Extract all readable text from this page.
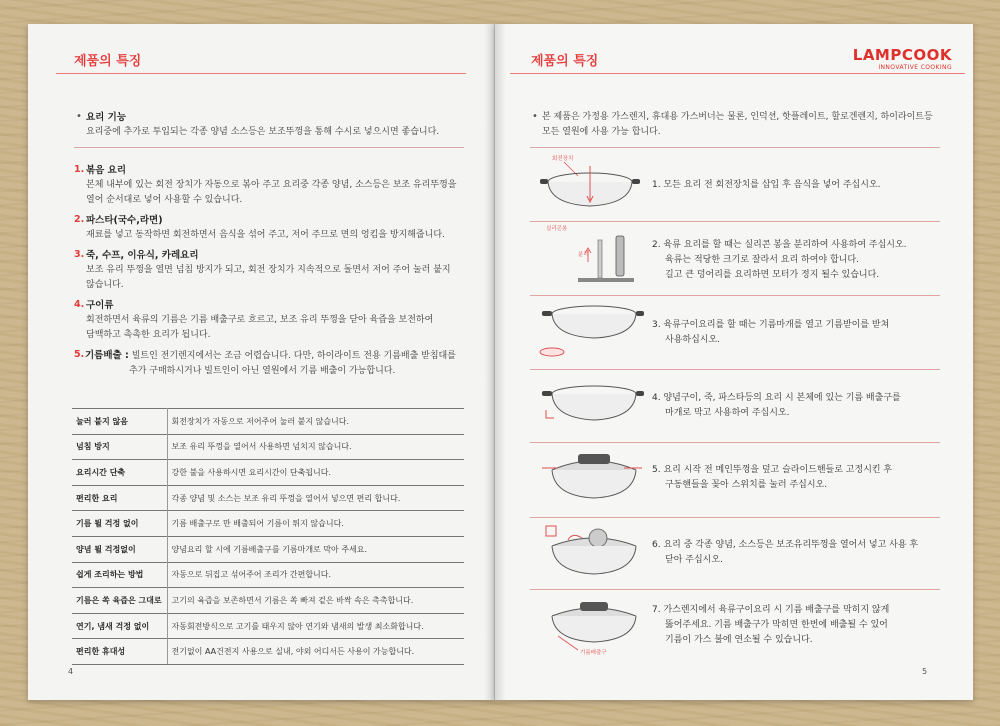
제품의 특징
• 요리 기능
요리중에 추가로 투입되는 각종 양념 소스등은 보조뚜껑을 통해 수시로 넣으시면 좋습니다.
1. 볶음 요리
본체 내부에 있는 회전 장치가 자동으로 볶아 주고 요리중 각종 양념, 소스등은 보조 유리뚜껑을
열어 순서대로 넣어 사용할 수 있습니다.
2. 파스타(국수,라면)
재료를 넣고 동작하면 회전하면서 음식을 섞어 주고, 저어 주므로 면의 엉킴을 방지해줍니다.
3. 죽, 수프, 이유식, 카레요리
보조 유리 뚜껑을 열면 넘침 방지가 되고, 회전 장치가 지속적으로 돌면서 저어 주어 눌러 붙지
않습니다.
4. 구이류
회전하면서 육류의 기름은 기름 배출구로 흐르고, 보조 유리 뚜껑을 닫아 육즙을 보전하여
담백하고 촉촉한 요리가 됩니다.
5. 기름배출 : 빌트인 전기렌지에서는 조금 어렵습니다. 다만, 하이라이트 전용 기름배출 받침대를
추가 구매하시거나 빌트인이 아닌 열원에서 기름 배출이 가능합니다.
눌러 붙지 않음	회전장치가 자동으로 저어주어 눌러 붙지 않습니다.
넘침 방지	보조 유리 뚜껑을 열어서 사용하면 넘치지 않습니다.
요리시간 단축	강한 불을 사용하시면 요리시간이 단축됩니다.
편리한 요리	각종 양념 및 소스는 보조 유리 뚜껑을 열어서 넣으면 편리 합니다.
기름 튈 걱정 없이	기름 배출구로 만 배출되어 기름이 튀지 않습니다.
양념 튈 걱정없이	양념요리 할 시에 기름배출구를 기름마개로 막아 주세요.
쉽게 조리하는 방법	자동으로 뒤집고 섞어주어 조리가 간편합니다.
기름은 쏙 육즙은 그대로	고기의 육즙을 보존하면서 기름은 쏙 빠져 겉은 바싹 속은 촉촉합니다.
연기, 냄새 걱정 없이	자동회전방식으로 고기를 태우지 않아 연기와 냄새의 발생 최소화합니다.
편리한 휴대성	전기없이 AA건전지 사용으로 실내, 야외 어디서든 사용이 가능합니다.
4
제품의 특징	LAMPCOOK
INNOVATIVE COOKING
• 본 제품은 가정용 가스렌지, 휴대용 가스버너는 물론, 인덕션, 핫플레이트, 할로겐렌지, 하이라이트등
모든 열원에 사용 가능 합니다.
회전장치
실리콘봉
분리
기름배출구
1. 모든 요리 전 회전장치를 삽입 후 음식을 넣어 주십시오.
2. 육류 요리를 할 때는 실리콘 봉을 분리하여 사용하여 주십시오.
육류는 적당한 크기로 잘라서 요리 하여야 합니다.
길고 큰 덩어리를 요리하면 모터가 정지 될수 있습니다.
3. 육류구이요리를 할 때는 기름마개를 열고 기름받이를 받쳐
사용하십시오.
4. 양념구이, 죽, 파스타등의 요리 시 본체에 있는 기름 배출구를
마개로 막고 사용하여 주십시오.
5. 요리 시작 전 메인뚜껑을 덮고 슬라이드핸들로 고정시킨 후
구동핸들을 꽂아 스위치를 눌러 주십시오.
6. 요리 중 각종 양념, 소스등은 보조유리뚜껑을 열어서 넣고 사용 후
닫아 주십시오.
7. 가스렌지에서 육류구이요리 시 기름 배출구를 막히지 않게
뚫어주세요. 기름 배출구가 막히면 한번에 배출될 수 있어
기름이 가스 불에 연소될 수 있습니다.
5
